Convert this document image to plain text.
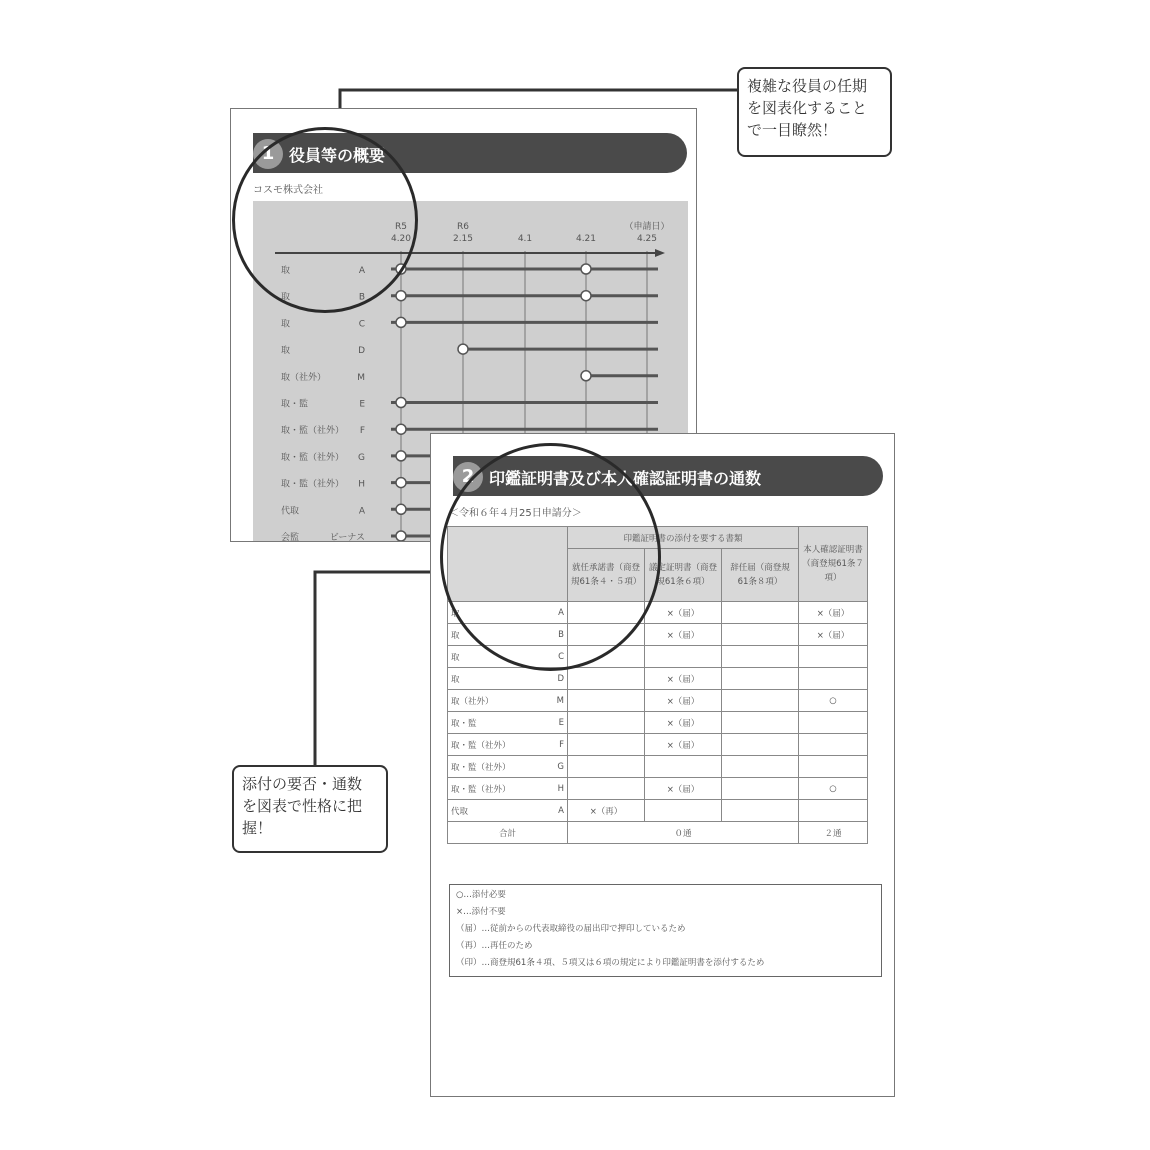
1 役員等の概要
コスモ株式会社
R5
4.20
R6
2.15	4.1	4.21
（申請日）
4.25
取	A
取	B
取	C
取	D
取（社外）	M
取・監	E
取・監（社外） F
取・監（社外） G
取・監（社外） H
代取	A
会監	ビーナス
2 印鑑証明書及び本人確認証明書の通数
＜令和６年４月25日申請分＞
		印鑑証明書の添付を要する書類			本人確認証明書（商登規61条７項）
		就任承諾書（商登規61条４・５項）	議定証明書（商登規61条６項）	辞任届（商登規61条８項）	
取	A		×（届）		×（届）
取	B		×（届）		×（届）
取	C				
取	D		×（届）		
取（社外）	M		×（届）		○
取・監	E		×（届）		
取・監（社外）	F		×（届）		
取・監（社外）	G				
取・監（社外）	H		×（届）		○
代取	A	×（再）			
合計		０通			２通
○…添付必要
×…添付不要
（届）…従前からの代表取締役の届出印で押印しているため
（再）…再任のため
（印）…商登規61条４項、５項又は６項の規定により印鑑証明書を添付するため
複雑な役員の任期
を図表化すること
で一目瞭然！
添付の要否・通数
を図表で性格に把
握！
